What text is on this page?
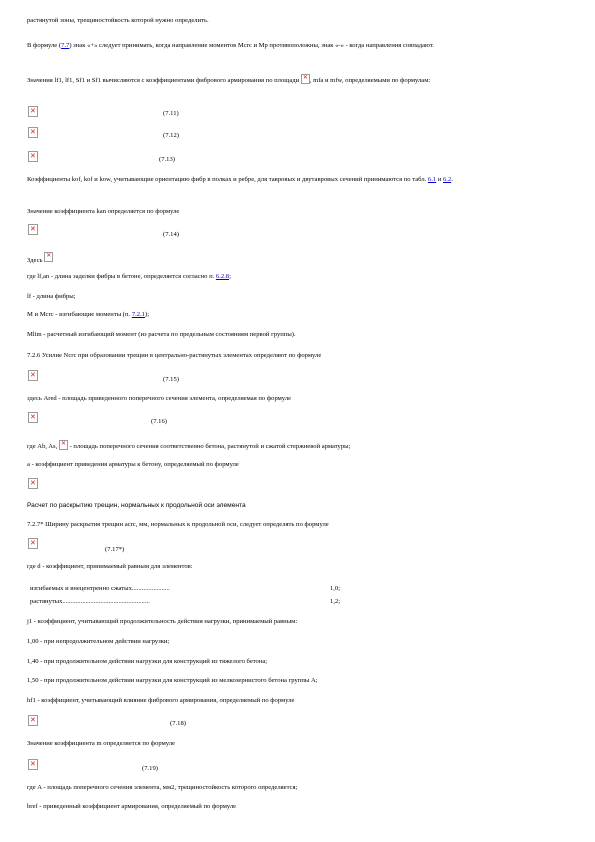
растянутой зоны, трещиностойкость которой нужно определить.
В формуле (7.7) знак «+» следует принимать, когда направление моментов Mcrc и Mp противоположны, знак «-» - когда направления совпадают.
Значения lf1, lf1, Sf1 и Sf1 вычисляются с коэффициентами фибрового армирования по площади ✕ , mfa и mfw, определяемыми по формулам:
✕
(7.11)
✕
(7.12)
✕
(7.13)
Коэффициенты kof, kof и kow, учитывающие ориентацию фибр в полках и ребре, для тавровых и двутавровых сечений принимаются по табл. 6.1 и 6.2.
Значение коэффициента kan определяется по формуле
✕
(7.14)
Здесь ✕
где lf,an - длина заделки фибры в бетоне, определяется согласно п. 6.2.8;
lf - длина фибры;
М и Mcrc - изгибающие моменты (п. 7.2.1);
Mlim - расчетный изгибающий момент (из расчета по предельным состояниям первой группы).
7.2.6 Усилие Ncrc при образовании трещин в центрально-растянутых элементах определяют по формуле
✕
(7.15)
здесь Ared - площадь приведенного поперечного сечения элемента, определяемая по формуле
✕
(7.16)
где Ab, As, ✕ - площадь поперечного сечения соответственно бетона, растянутой и сжатой стержневой арматуры;
a - коэффициент приведения арматуры к бетону, определяемый по формуле
✕
Расчет по раскрытию трещин, нормальных к продольной оси элемента
7.2.7* Ширину раскрытия трещин acrc, мм, нормальных к продольной оси, следует определять по формуле
✕
(7.17*)
где d - коэффициент, принимаемый равным для элементов:
изгибаемых и внецентренно сжатых.......................	1,0;
растянутых.....................................................	1,2;
j1 - коэффициент, учитывающий продолжительность действия нагрузки, принимаемый равным:
1,00 - при непродолжительном действии нагрузки;
1,40 - при продолжительном действии нагрузки для конструкций из тяжелого бетона;
1,50 - при продолжительном действии нагрузки для конструкций из мелкозернистого бетона группы А;
hf1 - коэффициент, учитывающий влияние фибрового армирования, определяемый по формуле
✕
(7.18)
Значение коэффициента m определяется по формуле
✕
(7.19)
где A - площадь поперечного сечения элемента, мм2, трещиностойкость которого определяется;
bref - приведенный коэффициент армирования, определяемый по формуле
